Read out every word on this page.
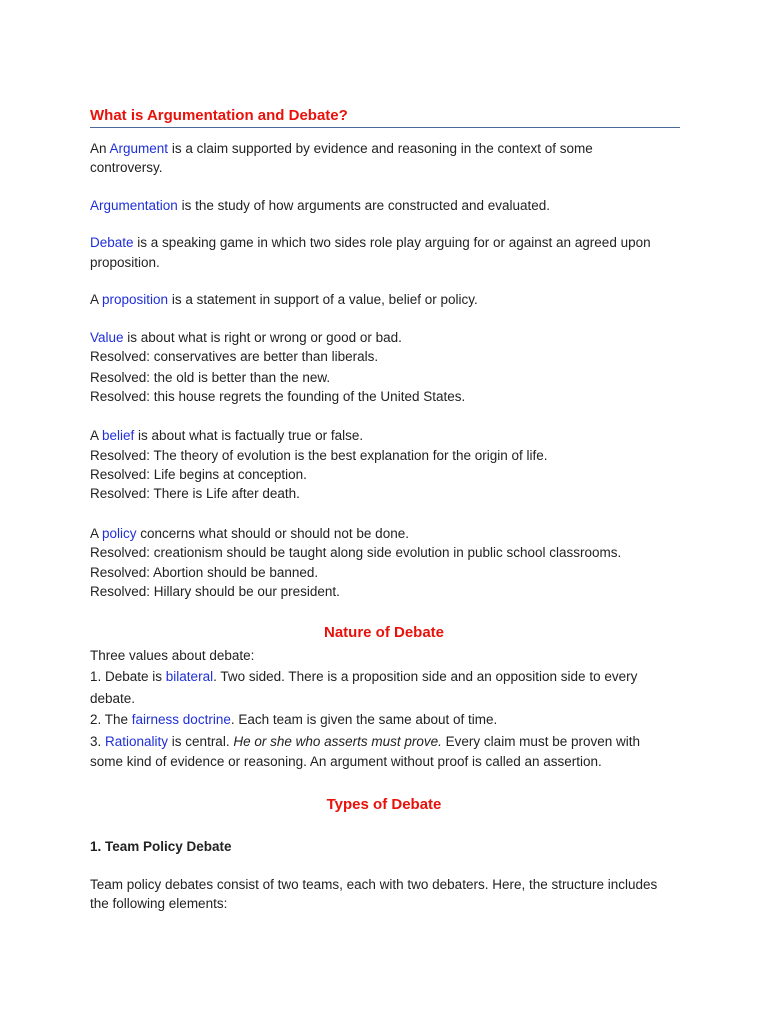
What is Argumentation and Debate?

An Argument is a claim supported by evidence and reasoning in the context of some

controversy.

Argumentation is the study of how arguments are constructed and evaluated.

Debate is a speaking game in which two sides role play arguing for or against an agreed upon

proposition.

A proposition is a statement in support of a value, belief or policy.

Value is about what is right or wrong or good or bad.

Resolved: conservatives are better than liberals.

Resolved: the old is better than the new.

Resolved: this house regrets the founding of the United States.

A belief is about what is factually true or false.

Resolved: The theory of evolution is the best explanation for the origin of life.

Resolved: Life begins at conception.

Resolved: There is Life after death.

A policy concerns what should or should not be done.

Resolved: creationism should be taught along side evolution in public school classrooms.

Resolved: Abortion should be banned.

Resolved: Hillary should be our president.

Nature of Debate

Three values about debate:

1. Debate is bilateral. Two sided. There is a proposition side and an opposition side to every

debate.

2. The fairness doctrine. Each team is given the same about of time.

3. Rationality is central. He or she who asserts must prove. Every claim must be proven with

some kind of evidence or reasoning. An argument without proof is called an assertion.

Types of Debate

1. Team Policy Debate

Team policy debates consist of two teams, each with two debaters. Here, the structure includes

the following elements:
